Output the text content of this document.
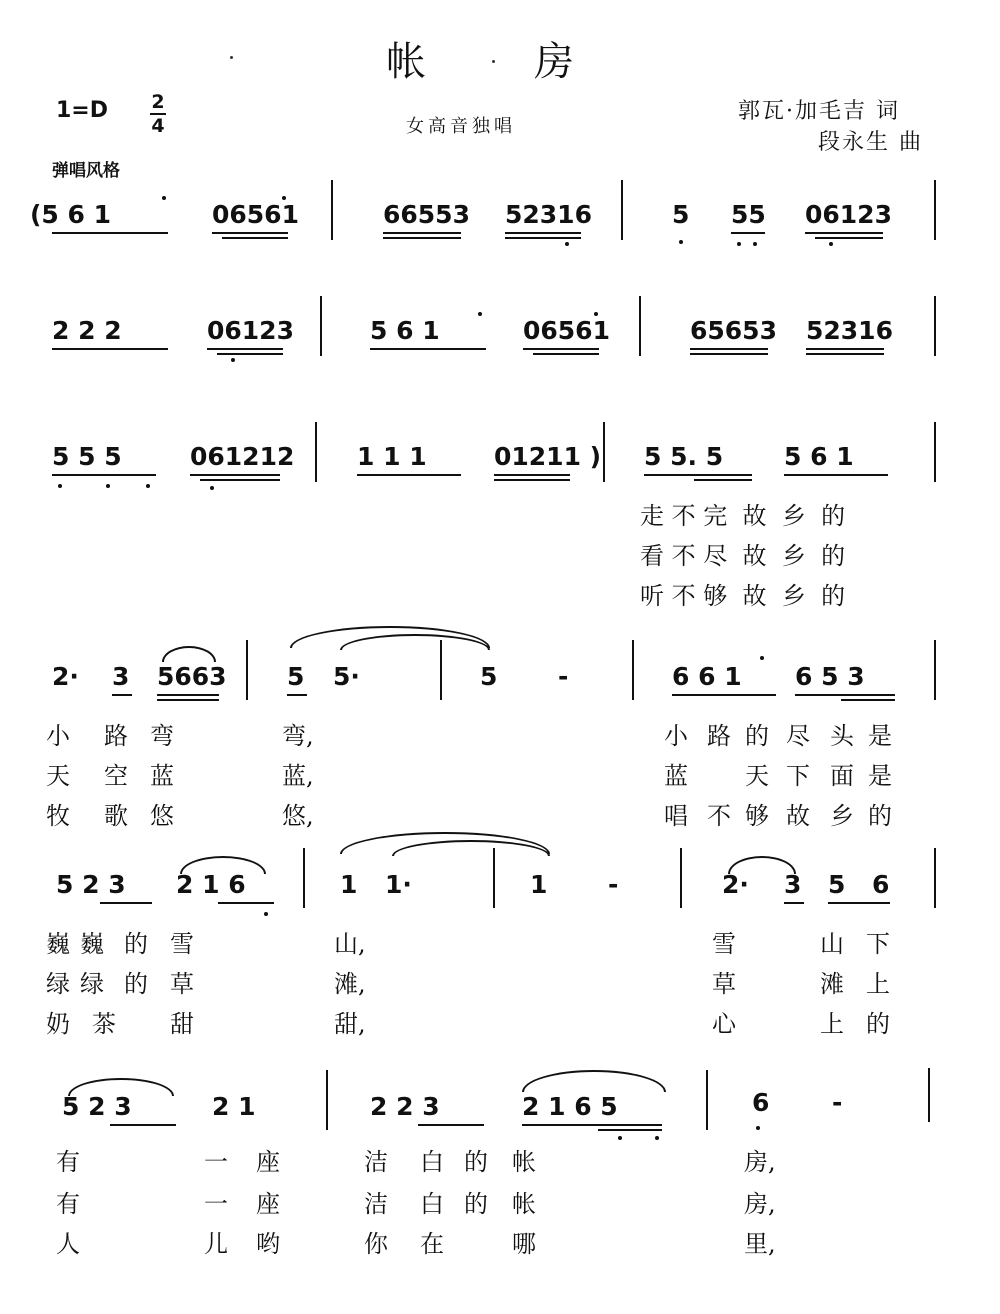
帐 房
1=D 2
4	女高音独唱
郭瓦·加毛吉 词
段永生 曲
弹唱风格
(5 6 1	06561	66553 52316	5 55 06123
2 2 2	06123	5 6 1	06561	65653 52316
5 5 5	061212	1 1 1	01211 ) 5 5. 5 5 6 1
走 不 完 故 乡 的
看 不 尽 故 乡 的
听 不 够 故 乡 的
2· 3 5663 5 5·	5 -	6 6 1 6 5 3
小 路 弯	弯,	小 路 的 尽 头 是
天 空 蓝	蓝,	蓝 天 下 面 是
牧 歌 悠	悠,	唱 不 够 故 乡 的
5 2 3 2 1 6	1 1·	1 -	2· 3 5 6
巍 巍 的 雪	山,	雪	山 下
绿 绿 的 草	滩,	草	滩 上
奶 茶 甜	甜,	心	上 的
5 2 3	2 1	2 2 3	2 1 6 5	6	-
有	一 座	洁 白 的 帐	房,
有	一 座	洁 白 的 帐	房,
人	儿 哟	你 在	哪	里,
